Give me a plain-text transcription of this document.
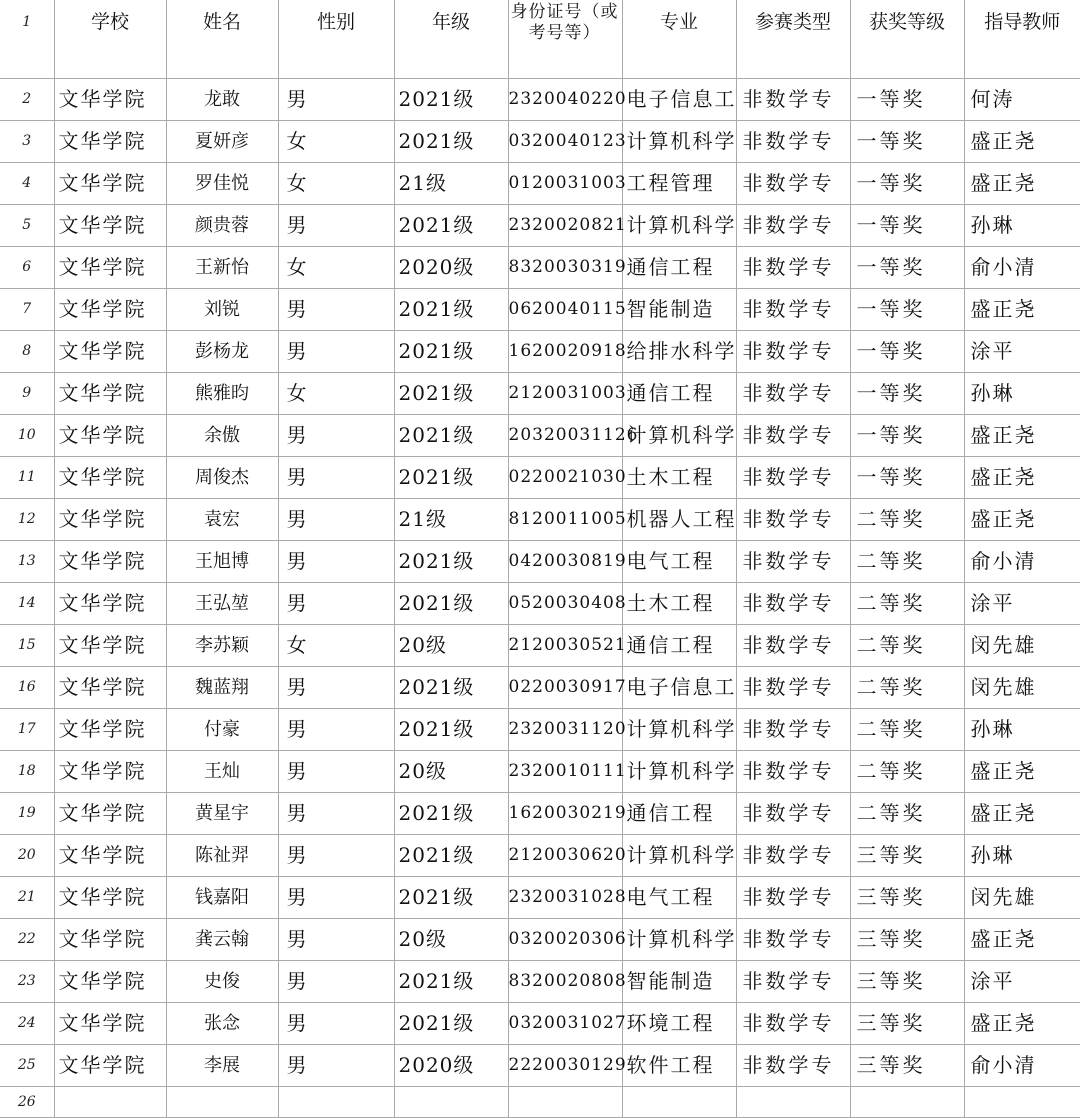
1	学校	姓名	性别	年级	身份证号（或考号等）	专业	参赛类型	获奖等级	指导教师
2	文华学院	龙敢	男	2021级	2320040220	电子信息工	非数学专	一等奖	何涛
3	文华学院	夏妍彦	女	2021级	0320040123	计算机科学	非数学专	一等奖	盛正尧
4	文华学院	罗佳悦	女	21级	0120031003	工程管理	非数学专	一等奖	盛正尧
5	文华学院	颜贵蓉	男	2021级	2320020821	计算机科学	非数学专	一等奖	孙琳
6	文华学院	王新怡	女	2020级	8320030319	通信工程	非数学专	一等奖	俞小清
7	文华学院	刘锐	男	2021级	0620040115	智能制造	非数学专	一等奖	盛正尧
8	文华学院	彭杨龙	男	2021级	1620020918	给排水科学	非数学专	一等奖	涂平
9	文华学院	熊雅昀	女	2021级	2120031003	通信工程	非数学专	一等奖	孙琳
10	文华学院	余傲	男	2021级	20320031126	计算机科学	非数学专	一等奖	盛正尧
11	文华学院	周俊杰	男	2021级	0220021030	土木工程	非数学专	一等奖	盛正尧
12	文华学院	袁宏	男	21级	8120011005	机器人工程	非数学专	二等奖	盛正尧
13	文华学院	王旭博	男	2021级	0420030819	电气工程	非数学专	二等奖	俞小清
14	文华学院	王弘堃	男	2021级	0520030408	土木工程	非数学专	二等奖	涂平
15	文华学院	李苏颖	女	20级	2120030521	通信工程	非数学专	二等奖	闵先雄
16	文华学院	魏蓝翔	男	2021级	0220030917	电子信息工	非数学专	二等奖	闵先雄
17	文华学院	付豪	男	2021级	2320031120	计算机科学	非数学专	二等奖	孙琳
18	文华学院	王灿	男	20级	2320010111	计算机科学	非数学专	二等奖	盛正尧
19	文华学院	黄星宇	男	2021级	1620030219	通信工程	非数学专	二等奖	盛正尧
20	文华学院	陈祉羿	男	2021级	2120030620	计算机科学	非数学专	三等奖	孙琳
21	文华学院	钱嘉阳	男	2021级	2320031028	电气工程	非数学专	三等奖	闵先雄
22	文华学院	龚云翰	男	20级	0320020306	计算机科学	非数学专	三等奖	盛正尧
23	文华学院	史俊	男	2021级	8320020808	智能制造	非数学专	三等奖	涂平
24	文华学院	张念	男	2021级	0320031027	环境工程	非数学专	三等奖	盛正尧
25	文华学院	李展	男	2020级	2220030129	软件工程	非数学专	三等奖	俞小清
26									
